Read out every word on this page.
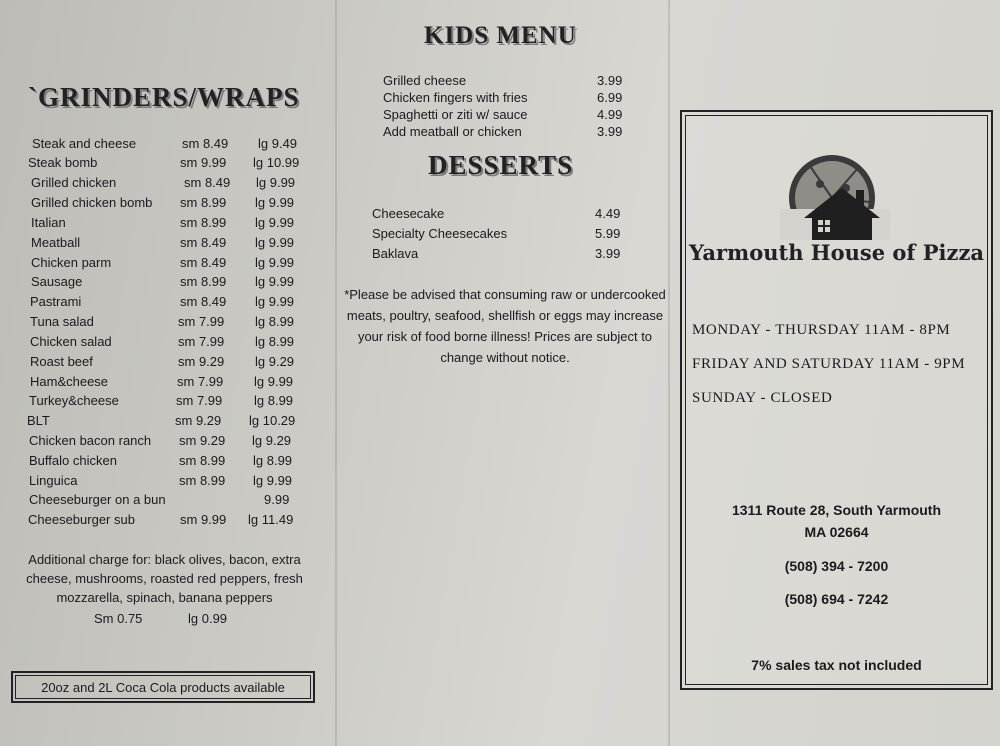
KIDS MENU
Grilled cheese	3.99
Chicken fingers with fries	6.99
Spaghetti or ziti w/ sauce	4.99
Add meatball or chicken	3.99
DESSERTS
Cheesecake	4.49
Specialty Cheesecakes	5.99
Baklava	3.99

*Please be advised that consuming raw or undercooked meats, poultry, seafood, shellfish or eggs may increase your risk of food borne illness! Prices are subject to change without notice.

`GRINDERS/WRAPS
Steak and cheese	sm 8.49 lg 9.49
Steak bomb	sm 9.99 lg 10.99
Grilled chicken	sm 8.49 lg 9.99
Grilled chicken bomb sm 8.99 lg 9.99
Italian	sm 8.99 lg 9.99
Meatball	sm 8.49 lg 9.99
Chicken parm	sm 8.49 lg 9.99
Sausage	sm 8.99 lg 9.99
Pastrami	sm 8.49 lg 9.99
Tuna salad	sm 7.99 lg 8.99
Chicken salad	sm 7.99 lg 8.99
Roast beef	sm 9.29 lg 9.29
Ham&cheese	sm 7.99 lg 9.99
Turkey&cheese	sm 7.99 lg 8.99
BLT	sm 9.29 lg 10.29
Chicken bacon ranch sm 9.29 lg 9.29
Buffalo chicken	sm 8.99 lg 8.99
Linguica	sm 8.99 lg 9.99
Cheeseburger on a bun	9.99
Cheeseburger sub	sm 9.99 lg 11.49

Additional charge for: black olives, bacon, extra cheese, mushrooms, roasted red peppers, fresh mozzarella, spinach, banana peppers

Sm 0.75	lg 0.99
20oz and 2L Coca Cola products available
Yarmouth House of Pizza
MONDAY - THURSDAY 11AM - 8PM
FRIDAY AND SATURDAY 11AM - 9PM
SUNDAY - CLOSED
1311 Route 28, South Yarmouth
MA 02664
(508) 394 - 7200
(508) 694 - 7242
7% sales tax not included
